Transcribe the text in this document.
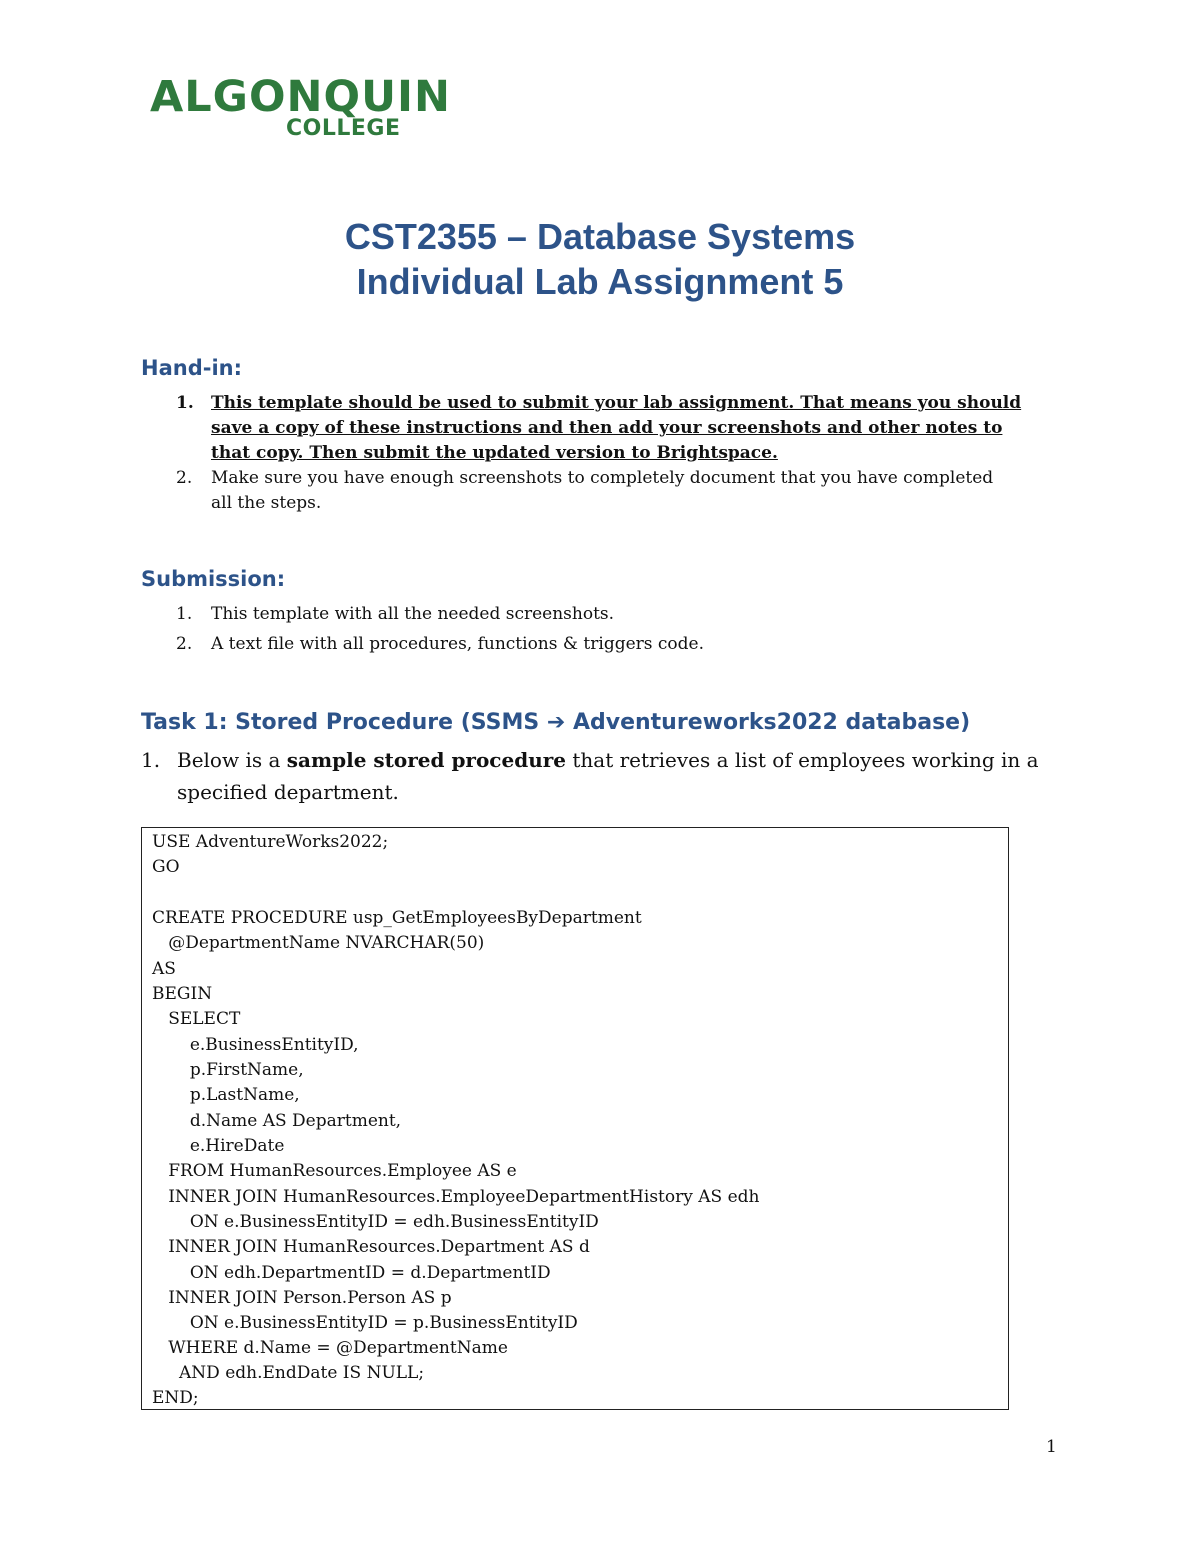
ALGONQUIN
COLLEGE
CST2355 – Database Systems
Individual Lab Assignment 5
Hand-in:
1. This template should be used to submit your lab assignment. That means you should
save a copy of these instructions and then add your screenshots and other notes to
that copy. Then submit the updated version to Brightspace.
2. Make sure you have enough screenshots to completely document that you have completed
all the steps.
Submission:
1. This template with all the needed screenshots.
2. A text file with all procedures, functions & triggers code.
Task 1: Stored Procedure (SSMS ➔ Adventureworks2022 database)
1. Below is a sample stored procedure that retrieves a list of employees working in a
specified department.
USE AdventureWorks2022;
GO
CREATE PROCEDURE usp_GetEmployeesByDepartment
@DepartmentName NVARCHAR(50)
AS
BEGIN
SELECT
e.BusinessEntityID,
p.FirstName,
p.LastName,
d.Name AS Department,
e.HireDate
FROM HumanResources.Employee AS e
INNER JOIN HumanResources.EmployeeDepartmentHistory AS edh
ON e.BusinessEntityID = edh.BusinessEntityID
INNER JOIN HumanResources.Department AS d
ON edh.DepartmentID = d.DepartmentID
INNER JOIN Person.Person AS p
ON e.BusinessEntityID = p.BusinessEntityID
WHERE d.Name = @DepartmentName
AND edh.EndDate IS NULL;
END;
1
